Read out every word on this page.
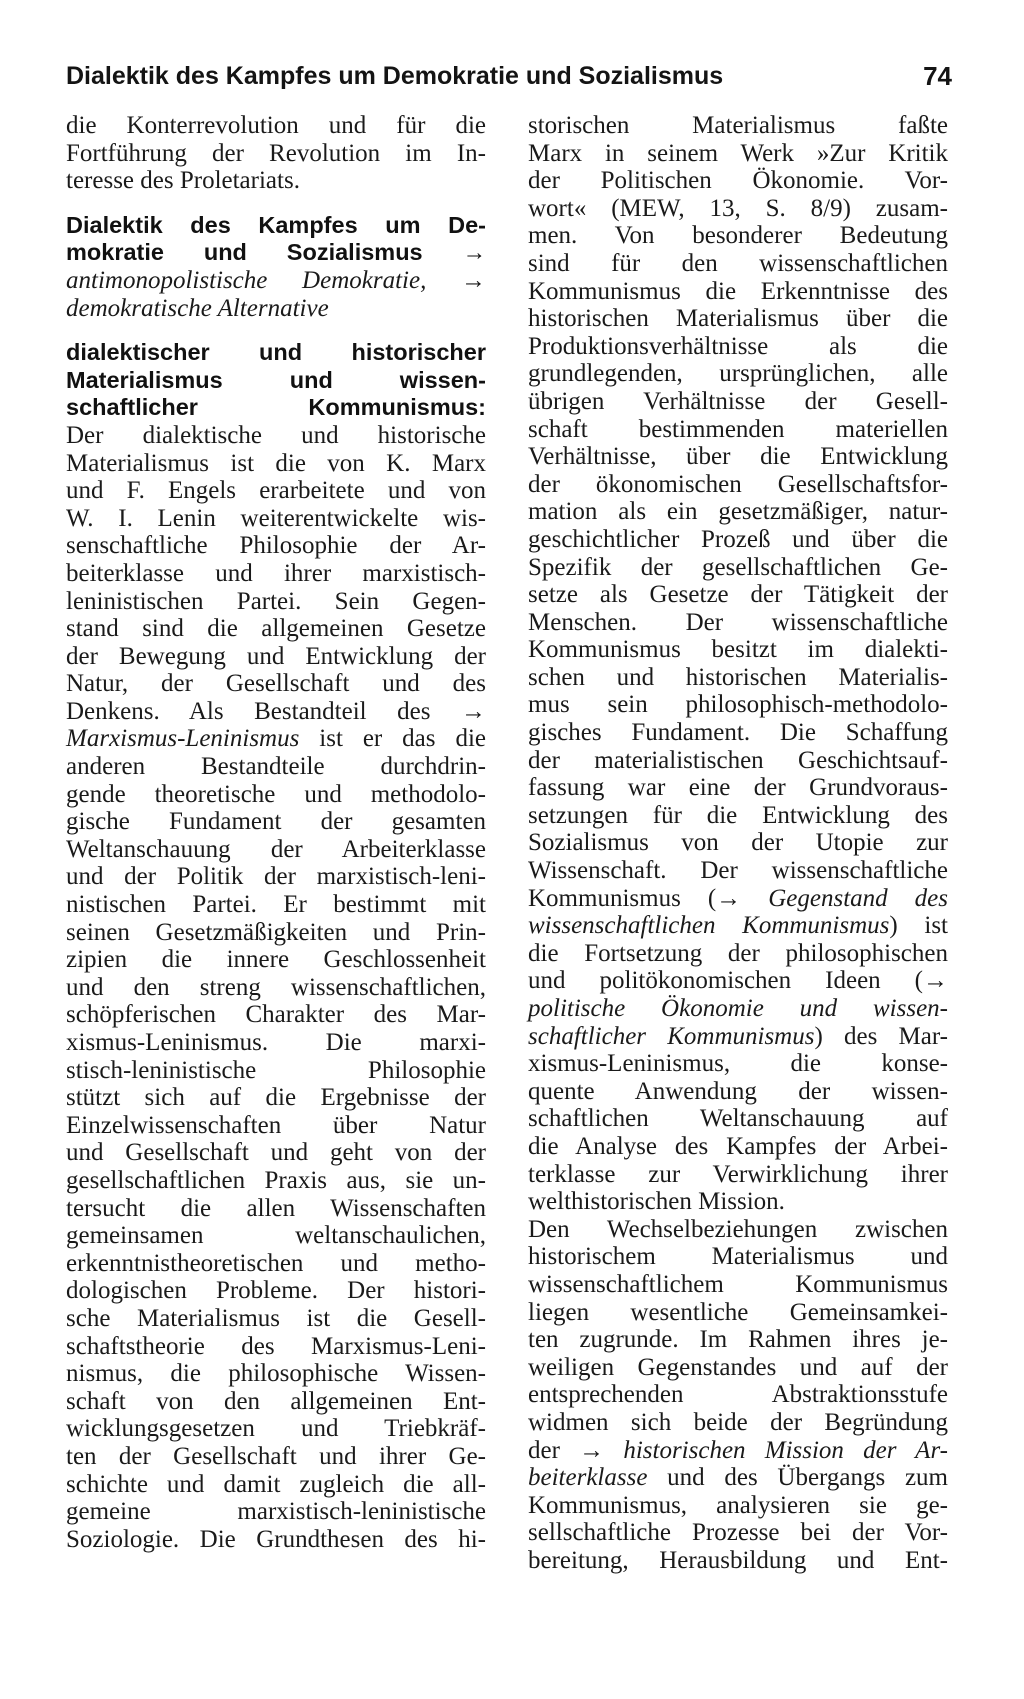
Dialektik des Kampfes um Demokratie und Sozialismus	74
die Konterrevolution und für die
Fortführung der Revolution im In-
teresse des Proletariats.
Dialektik des Kampfes um De-
mokratie und Sozialismus →
antimonopolistische Demokratie, →
demokratische Alternative
dialektischer und historischer
Materialismus und wissen-
schaftlicher Kommunismus:
Der dialektische und historische
Materialismus ist die von K. Marx
und F. Engels erarbeitete und von
W. I. Lenin weiterentwickelte wis-
senschaftliche Philosophie der Ar-
beiterklasse und ihrer marxistisch-
leninistischen Partei. Sein Gegen-
stand sind die allgemeinen Gesetze
der Bewegung und Entwicklung der
Natur, der Gesellschaft und des
Denkens. Als Bestandteil des →
Marxismus-Leninismus ist er das die
anderen Bestandteile durchdrin-
gende theoretische und methodolo-
gische Fundament der gesamten
Weltanschauung der Arbeiterklasse
und der Politik der marxistisch-leni-
nistischen Partei. Er bestimmt mit
seinen Gesetzmäßigkeiten und Prin-
zipien die innere Geschlossenheit
und den streng wissenschaftlichen,
schöpferischen Charakter des Mar-
xismus-Leninismus. Die marxi-
stisch-leninistische Philosophie
stützt sich auf die Ergebnisse der
Einzelwissenschaften über Natur
und Gesellschaft und geht von der
gesellschaftlichen Praxis aus, sie un-
tersucht die allen Wissenschaften
gemeinsamen weltanschaulichen,
erkenntnistheoretischen und metho-
dologischen Probleme. Der histori-
sche Materialismus ist die Gesell-
schaftstheorie des Marxismus-Leni-
nismus, die philosophische Wissen-
schaft von den allgemeinen Ent-
wicklungsgesetzen und Triebkräf-
ten der Gesellschaft und ihrer Ge-
schichte und damit zugleich die all-
gemeine marxistisch-leninistische
Soziologie. Die Grundthesen des hi-
storischen Materialismus faßte
Marx in seinem Werk »Zur Kritik
der Politischen Ökonomie. Vor-
wort« (MEW, 13, S. 8/9) zusam-
men. Von besonderer Bedeutung
sind für den wissenschaftlichen
Kommunismus die Erkenntnisse des
historischen Materialismus über die
Produktionsverhältnisse als die
grundlegenden, ursprünglichen, alle
übrigen Verhältnisse der Gesell-
schaft bestimmenden materiellen
Verhältnisse, über die Entwicklung
der ökonomischen Gesellschaftsfor-
mation als ein gesetzmäßiger, natur-
geschichtlicher Prozeß und über die
Spezifik der gesellschaftlichen Ge-
setze als Gesetze der Tätigkeit der
Menschen. Der wissenschaftliche
Kommunismus besitzt im dialekti-
schen und historischen Materialis-
mus sein philosophisch-methodolo-
gisches Fundament. Die Schaffung
der materialistischen Geschichtsauf-
fassung war eine der Grundvoraus-
setzungen für die Entwicklung des
Sozialismus von der Utopie zur
Wissenschaft. Der wissenschaftliche
Kommunismus (→ Gegenstand des
wissenschaftlichen Kommunismus) ist
die Fortsetzung der philosophischen
und politökonomischen Ideen (→
politische Ökonomie und wissen-
schaftlicher Kommunismus) des Mar-
xismus-Leninismus, die konse-
quente Anwendung der wissen-
schaftlichen Weltanschauung auf
die Analyse des Kampfes der Arbei-
terklasse zur Verwirklichung ihrer
welthistorischen Mission.
Den Wechselbeziehungen zwischen
historischem Materialismus und
wissenschaftlichem Kommunismus
liegen wesentliche Gemeinsamkei-
ten zugrunde. Im Rahmen ihres je-
weiligen Gegenstandes und auf der
entsprechenden Abstraktionsstufe
widmen sich beide der Begründung
der → historischen Mission der Ar-
beiterklasse und des Übergangs zum
Kommunismus, analysieren sie ge-
sellschaftliche Prozesse bei der Vor-
bereitung, Herausbildung und Ent-
